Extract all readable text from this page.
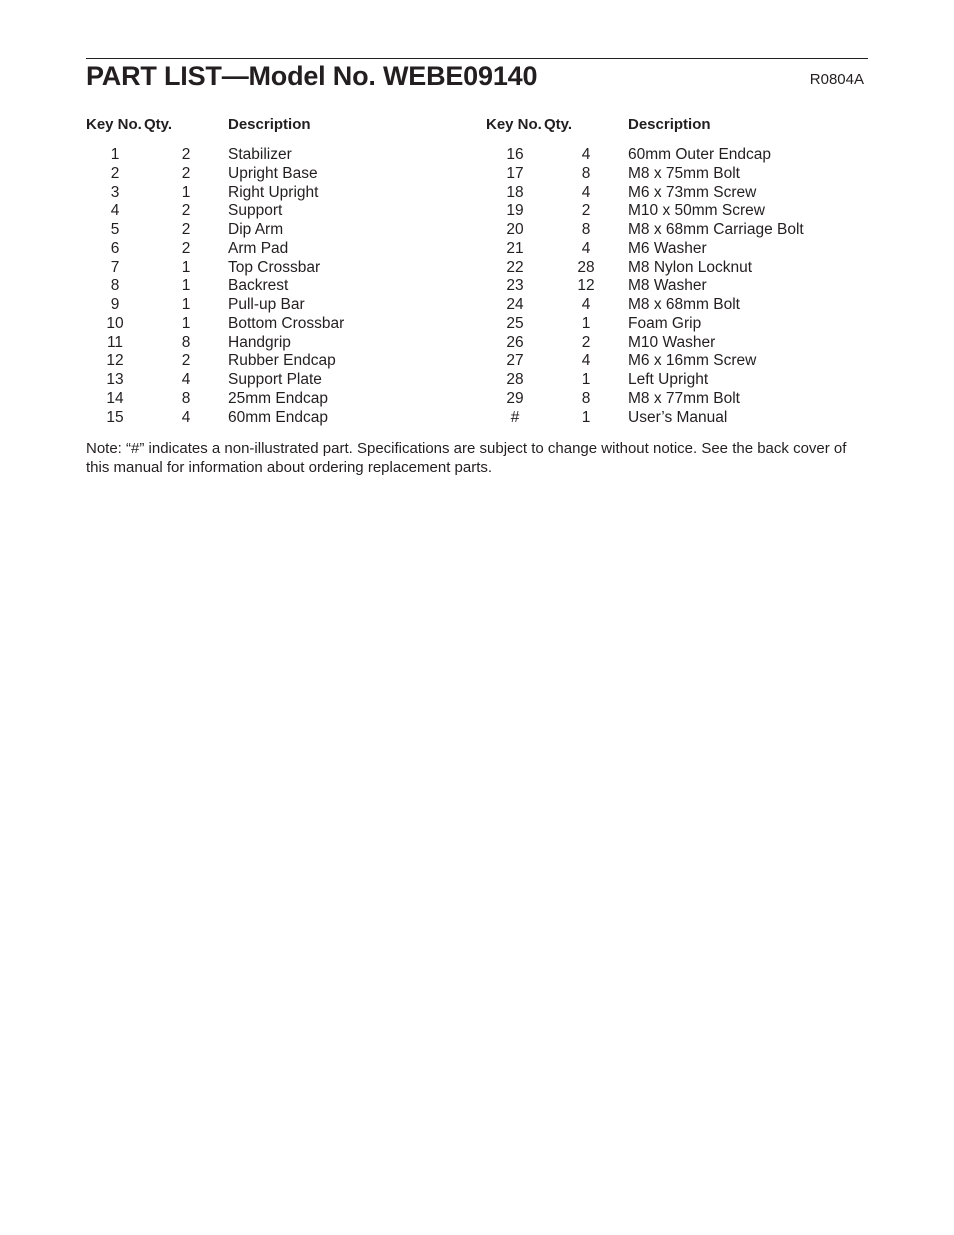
PART LIST—Model No. WEBE09140	R0804A
Key No.	Qty.	Description

1	2	Stabilizer
2	2	Upright Base
3	1	Right Upright
4	2	Support
5	2	Dip Arm
6	2	Arm Pad
7	1	Top Crossbar
8	1	Backrest
9	1	Pull-up Bar
10	1	Bottom Crossbar
11	8	Handgrip
12	2	Rubber Endcap
13	4	Support Plate
14	8	25mm Endcap
15	4	60mm Endcap
Key No.	Qty.	Description

16	4	60mm Outer Endcap
17	8	M8 x 75mm Bolt
18	4	M6 x 73mm Screw
19	2	M10 x 50mm Screw
20	8	M8 x 68mm Carriage Bolt
21	4	M6 Washer
22	28	M8 Nylon Locknut
23	12	M8 Washer
24	4	M8 x 68mm Bolt
25	1	Foam Grip
26	2	M10 Washer
27	4	M6 x 16mm Screw
28	1	Left Upright
29	8	M8 x 77mm Bolt
#	1	User’s Manual
Note: “#” indicates a non-illustrated part. Specifications are subject to change without notice. See the back cover of this manual for information about ordering replacement parts.
